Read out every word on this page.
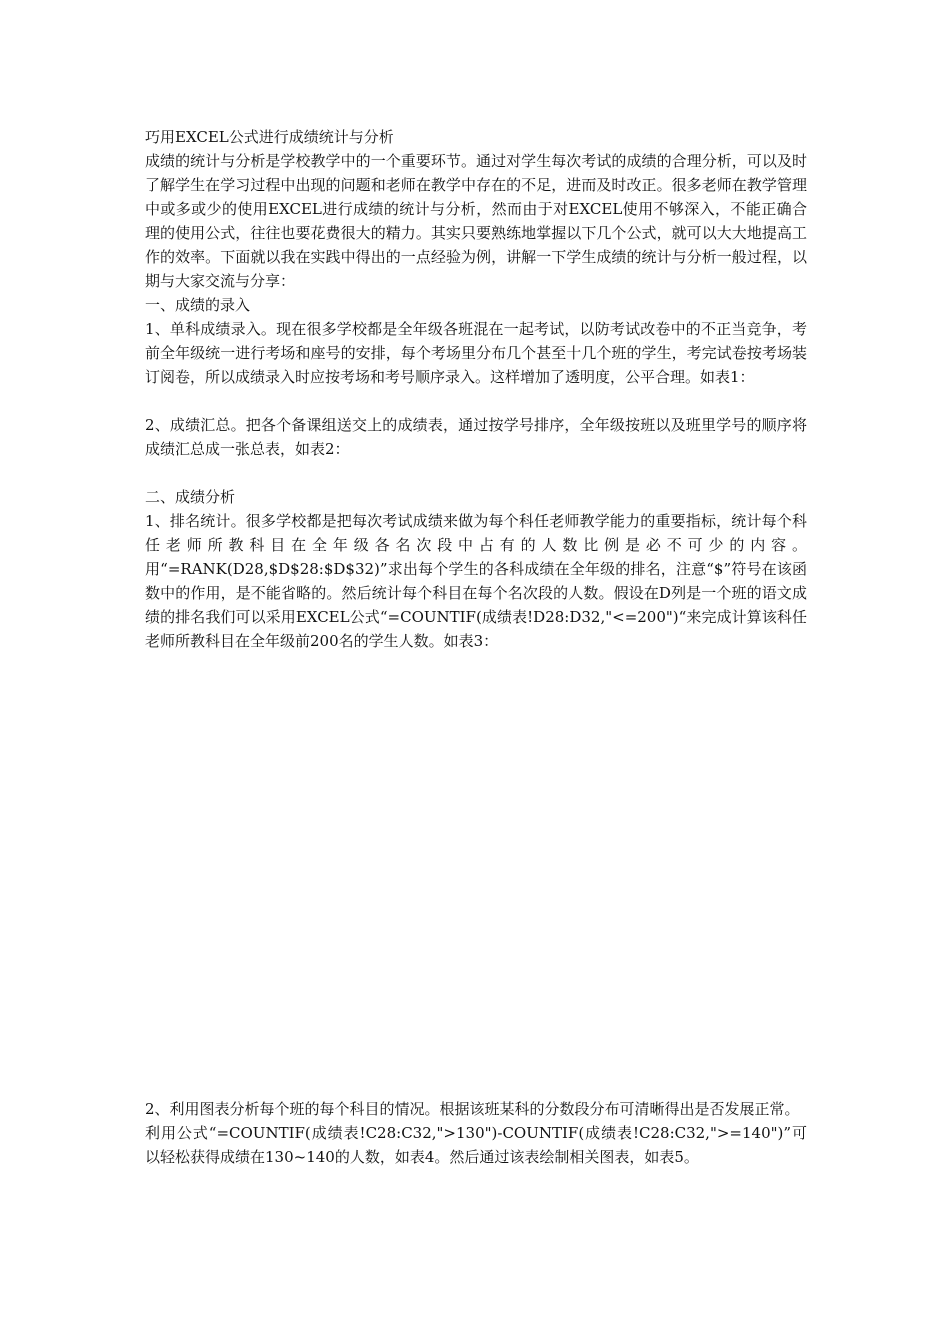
巧用EXCEL公式进行成绩统计与分析

成绩的统计与分析是学校教学中的一个重要环节。通过对学生每次考试的成绩的合理分析，可以及时了解学生在学习过程中出现的问题和老师在教学中存在的不足，进而及时改正。很多老师在教学管理中或多或少的使用EXCEL进行成绩的统计与分析，然而由于对EXCEL使用不够深入，不能正确合理的使用公式，往往也要花费很大的精力。其实只要熟练地掌握以下几个公式，就可以大大地提高工作的效率。下面就以我在实践中得出的一点经验为例，讲解一下学生成绩的统计与分析一般过程，以期与大家交流与分享：

一、成绩的录入

1、单科成绩录入。现在很多学校都是全年级各班混在一起考试，以防考试改卷中的不正当竞争，考前全年级统一进行考场和座号的安排，每个考场里分布几个甚至十几个班的学生，考完试卷按考场装订阅卷，所以成绩录入时应按考场和考号顺序录入。这样增加了透明度，公平合理。如表1：

2、成绩汇总。把各个备课组送交上的成绩表，通过按学号排序，全年级按班以及班里学号的顺序将成绩汇总成一张总表，如表2：

二、成绩分析

1、排名统计。很多学校都是把每次考试成绩来做为每个科任老师教学能力的重要指标，统计每个科任老师所教科目在全年级各名次段中占有的人数比例是必不可少的内容。用“=RANK(D28,$D$28:$D$32)”求出每个学生的各科成绩在全年级的排名，注意“$”符号在该函数中的作用，是不能省略的。然后统计每个科目在每个名次段的人数。假设在D列是一个班的语文成绩的排名我们可以采用EXCEL公式“=COUNTIF(成绩表!D28:D32,"<=200")“来完成计算该科任老师所教科目在全年级前200名的学生人数。如表3：

2、利用图表分析每个班的每个科目的情况。根据该班某科的分数段分布可清晰得出是否发展正常。

利用公式“=COUNTIF(成绩表!C28:C32,">130")-COUNTIF(成绩表!C28:C32,">=140")”可以轻松获得成绩在130~140的人数，如表4。然后通过该表绘制相关图表，如表5。
